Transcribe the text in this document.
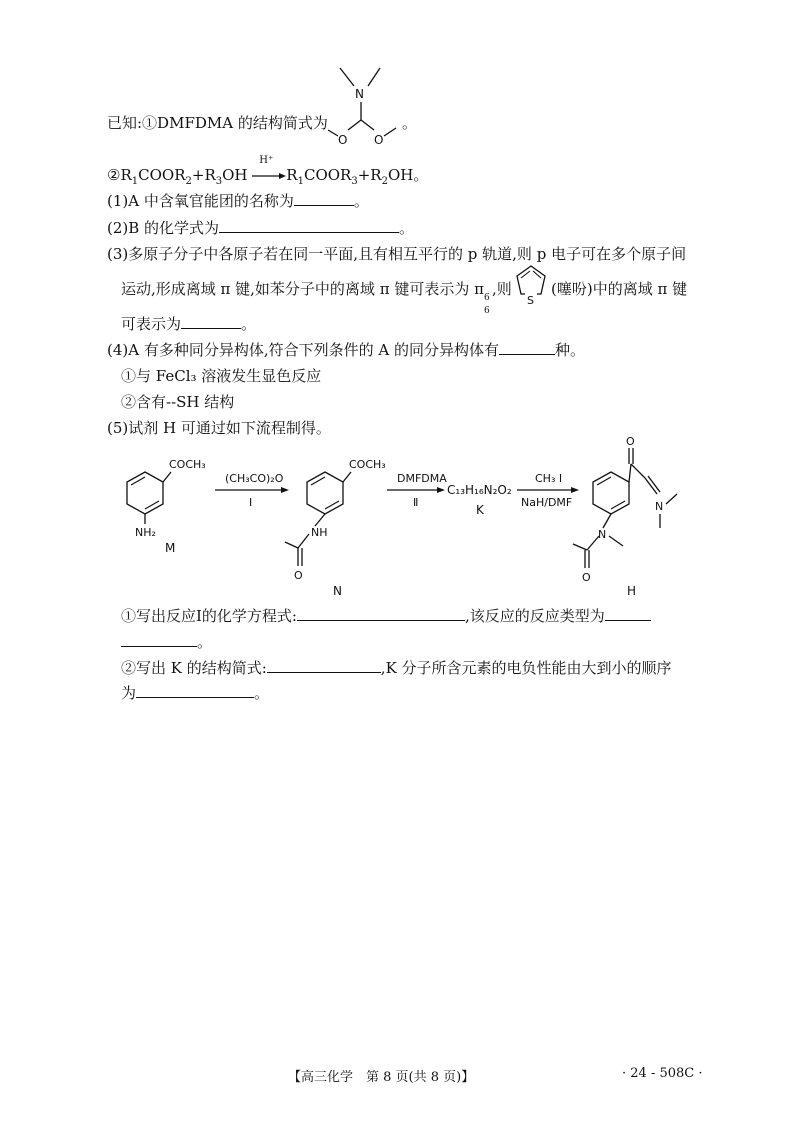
已知:①DMFDMA 的结构简式为
N
O O
。
$②R_1COOR_2+R_3OH$
H⁺
$R_1COOR_3+R_2OH$。
(1)A 中含氧官能团的名称为	。
(2)B 的化学式为	。
(3)多原子分子中各原子若在同一平面,且有相互平行的 p 轨道,则 p 电子可在多个原子间
运动,形成离域 π 键,如苯分子中的离域 π 键可表示为 π 6
6
,则
S
(噻吩)中的离域 π 键
可表示为	。
(4)A 有多种同分异构体,符合下列条件的 A 的同分异构体有	种。
①与 FeCl₃ 溶液发生显色反应
②含有--SH 结构
(5)试剂 H 可通过如下流程制得。
COCH₃
NH₂
M
(CH₃CO)₂O
Ⅰ
COCH₃
NH
O
N
DMFDMA
Ⅱ
C₁₃H₁₆N₂O₂
K
CH₃ I
NaH/DMF
O
N
N
O
H
①写出反应Ⅰ的化学方程式:	,该反应的反应类型为
。
②写出 K 的结构简式:	,K 分子所含元素的电负性能由大到小的顺序
为	。
【高三化学　第 8 页(共 8 页)】	· 24 - 508C ·
